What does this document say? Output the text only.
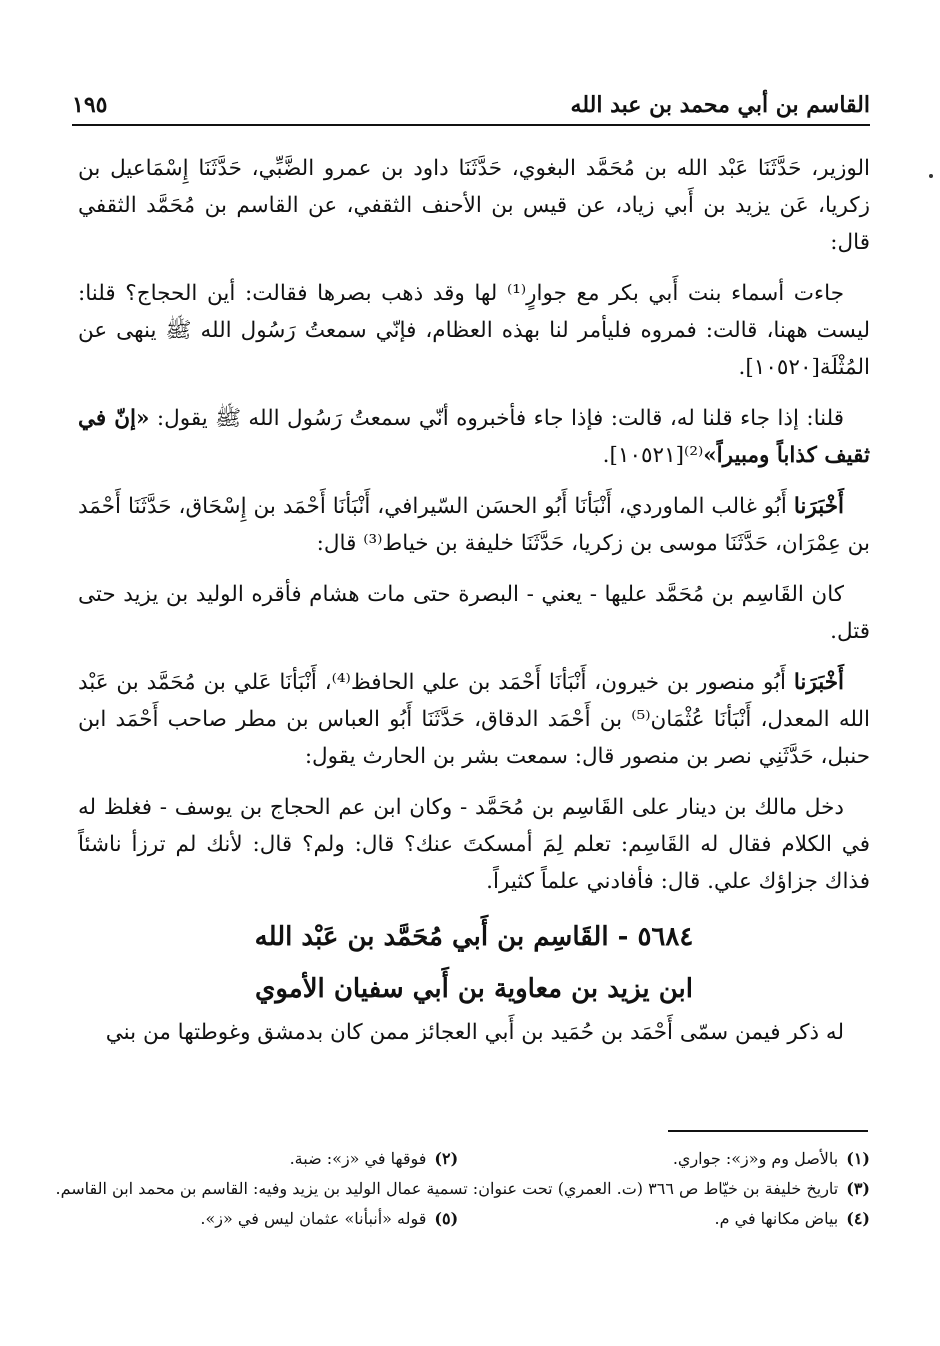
القاسم بن أبي محمد بن عبد الله
١٩٥

الوزير، حَدَّثَنَا عَبْد الله بن مُحَمَّد البغوي، حَدَّثَنَا داود بن عمرو الضَّبِّي، حَدَّثَنَا إِسْمَاعيل بن زكريا، عَن يزيد بن أَبي زياد، عن قيس بن الأحنف الثقفي، عن القاسم بن مُحَمَّد الثقفي قال:

جاءت أسماء بنت أَبي بكر مع جوارٍ⁽¹⁾ لها وقد ذهب بصرها فقالت: أين الحجاج؟ قلنا: ليست ههنا، قالت: فمروه فليأمر لنا بهذه العظام، فإنّي سمعتُ رَسُول الله ﷺ ينهى عن المُثْلَة[١٠٥٢٠].

قلنا: إذا جاء قلنا له، قالت: فإذا جاء فأخبروه أنّي سمعتُ رَسُول الله ﷺ يقول: «إنّ في ثقيف كذاباً ومبيراً»⁽²⁾[١٠٥٢١].

أَخْبَرَنا أَبُو غالب الماوردي، أَنْبَأنَا أَبُو الحسَن السّيرافي، أَنْبَأنَا أَحْمَد بن إِسْحَاق، حَدَّثَنَا أَحْمَد بن عِمْرَان، حَدَّثَنَا موسى بن زكريا، حَدَّثَنَا خليفة بن خياط⁽³⁾ قال:

كان القَاسِم بن مُحَمَّد عليها - يعني - البصرة حتى مات هشام فأقره الوليد بن يزيد حتى قتل.

أَخْبَرَنا أَبُو منصور بن خيرون، أَنْبَأنَا أَحْمَد بن علي الحافظ⁽⁴⁾، أَنْبَأنَا عَلي بن مُحَمَّد بن عَبْد الله المعدل، أَنْبَأنَا عُثْمَان⁽⁵⁾ بن أَحْمَد الدقاق، حَدَّثَنَا أَبُو العباس بن مطر صاحب أَحْمَد ابن حنبل، حَدَّثَنِي نصر بن منصور قال: سمعت بشر بن الحارث يقول:

دخل مالك بن دينار على القَاسِم بن مُحَمَّد - وكان ابن عم الحجاج بن يوسف - فغلظ له في الكلام فقال له القَاسِم: تعلم لِمَ أمسكتَ عنك؟ قال: ولم؟ قال: لأنك لم ترزأ ناشئاً فذاك جزاؤك علي. قال: فأفادني علماً كثيراً.

٥٦٨٤ - القَاسِم بن أَبي مُحَمَّد بن عَبْد الله
ابن يزيد بن معاوية بن أَبي سفيان الأموي

له ذكر فيمن سمّى أَحْمَد بن حُمَيد بن أَبي العجائز ممن كان بدمشق وغوطتها من بني

(١)بالأصل وم و«ز»: جواري.
(٢)فوقها في «ز»: ضبة.
(٣)تاريخ خليفة بن خيّاط ص ٣٦٦ (ت. العمري) تحت عنوان: تسمية عمال الوليد بن يزيد وفيه: القاسم بن محمد ابن القاسم.
(٤)بياض مكانها في م.
(٥)قوله «أنبأنا» عثمان ليس في «ز».
